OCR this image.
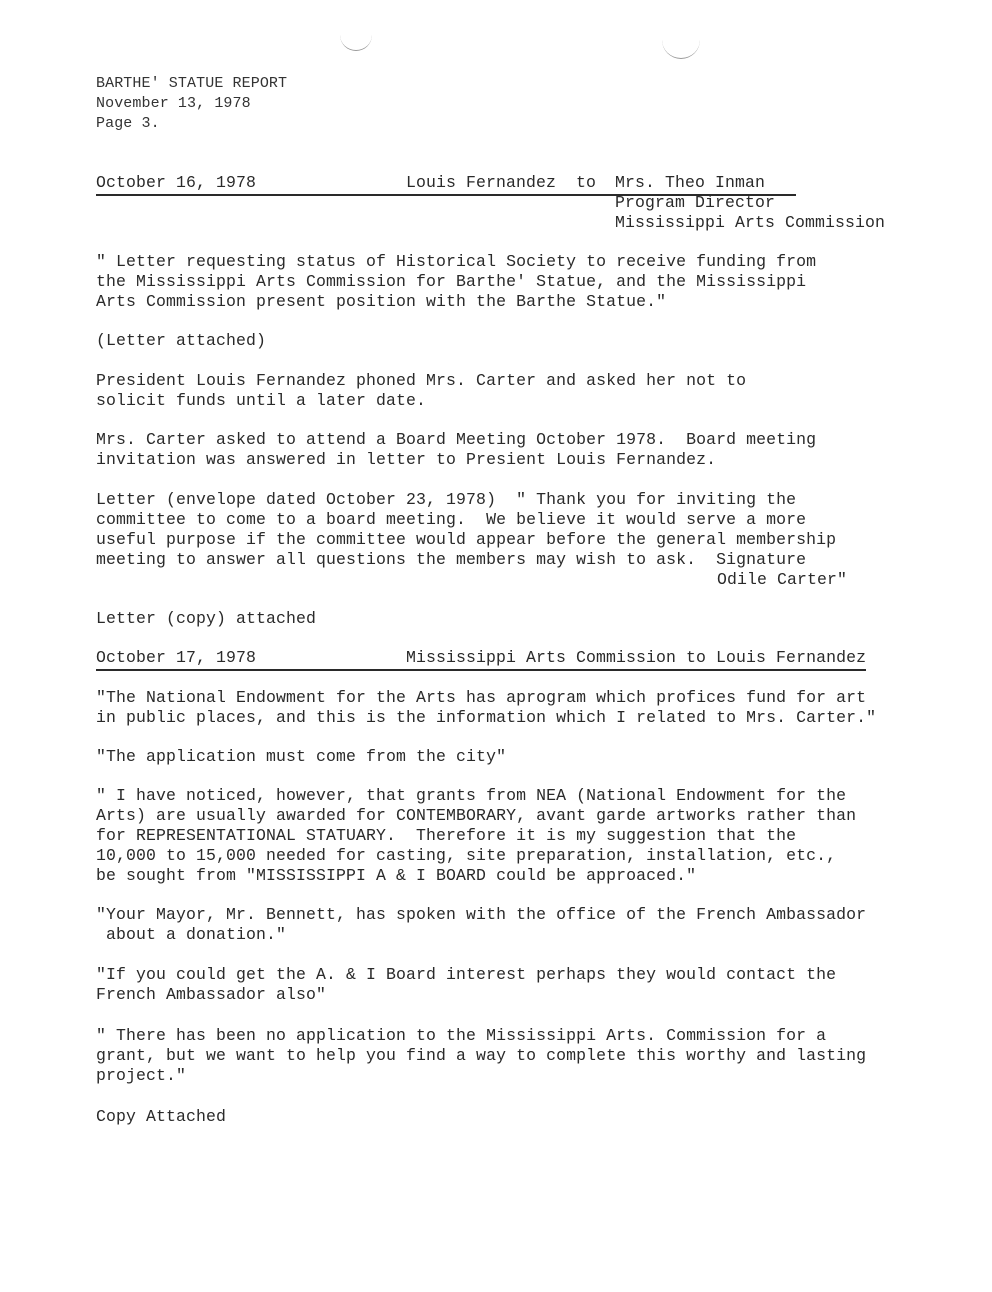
BARTHE' STATUE REPORT
November 13, 1978
Page 3.
October 16, 1978	Louis Fernandez to Mrs. Theo Inman
Program Director
Mississippi Arts Commission
" Letter requesting status of Historical Society to receive funding from
the Mississippi Arts Commission for Barthe' Statue, and the Mississippi
Arts Commission present position with the Barthe Statue."
(Letter attached)
President Louis Fernandez phoned Mrs. Carter and asked her not to
solicit funds until a later date.
Mrs. Carter asked to attend a Board Meeting October 1978.  Board meeting
invitation was answered in letter to Presient Louis Fernandez.
Letter (envelope dated October 23, 1978)  " Thank you for inviting the
committee to come to a board meeting.  We believe it would serve a more
useful purpose if the committee would appear before the general membership
meeting to answer all questions the members may wish to ask.  Signature
Odile Carter"
Letter (copy) attached
October 17, 1978	Mississippi Arts Commission to Louis Fernandez
"The National Endowment for the Arts has aprogram which profices fund for art
in public places, and this is the information which I related to Mrs. Carter."
"The application must come from the city"
" I have noticed, however, that grants from NEA (National Endowment for the
Arts) are usually awarded for CONTEMBORARY, avant garde artworks rather than
for REPRESENTATIONAL STATUARY.  Therefore it is my suggestion that the
10,000 to 15,000 needed for casting, site preparation, installation, etc.,
be sought from "MISSISSIPPI A & I BOARD could be approaced."
"Your Mayor, Mr. Bennett, has spoken with the office of the French Ambassador
about a donation."
"If you could get the A. & I Board interest perhaps they would contact the
French Ambassador also"
" There has been no application to the Mississippi Arts. Commission for a
grant, but we want to help you find a way to complete this worthy and lasting
project."
Copy Attached
